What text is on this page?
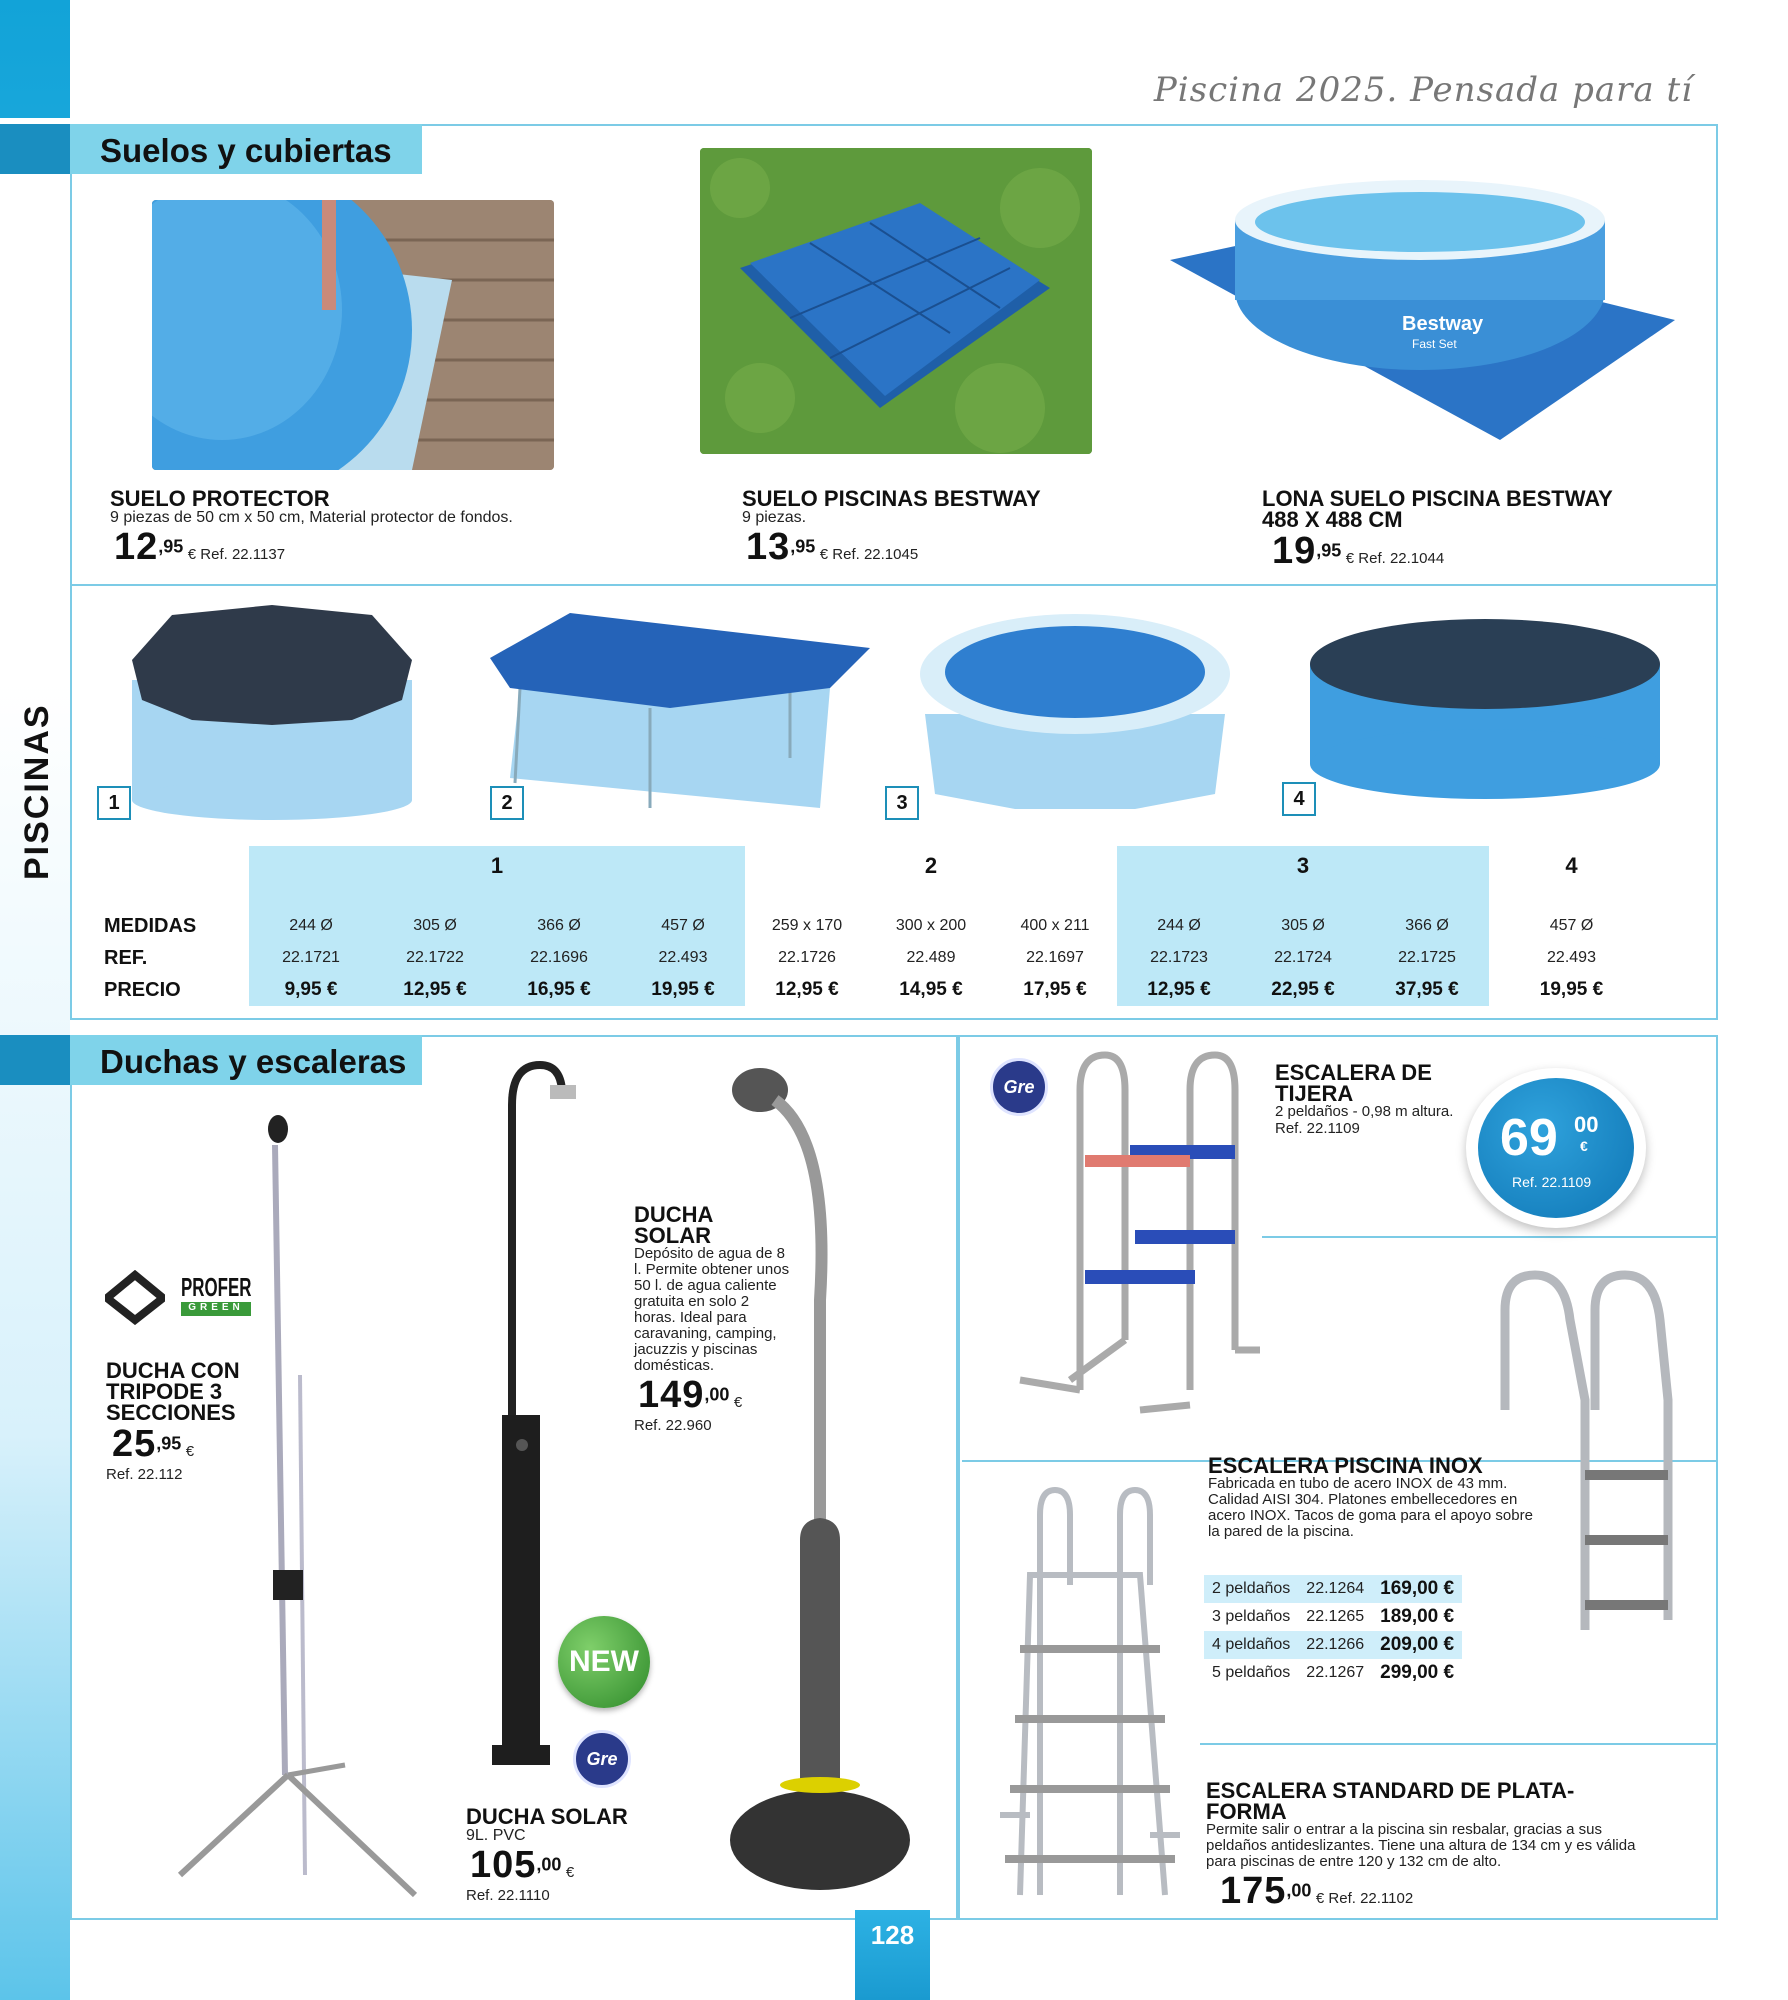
PISCINAS
Piscina 2025. Pensada para tí
Suelos y cubiertas
Bestway
Fast Set
SUELO PROTECTOR
9 piezas de 50 cm x 50 cm, Material protector de fondos.
12,95 € Ref. 22.1137
SUELO PISCINAS BESTWAY
9 piezas.
13,95 € Ref. 22.1045
LONA SUELO PISCINA BESTWAY 488 X 488 CM
19,95 € Ref. 22.1044
1	2	3	4
	1				2			3			4

MEDIDAS	244 Ø	305 Ø	366 Ø	457 Ø	259 x 170	300 x 200	400 x 211	244 Ø	305 Ø	366 Ø	457 Ø
REF.	22.1721	22.1722	22.1696	22.493	22.1726	22.489	22.1697	22.1723	22.1724	22.1725	22.493
PRECIO	9,95 €	12,95 €	16,95 €	19,95 €	12,95 €	14,95 €	17,95 €	12,95 €	22,95 €	37,95 €	19,95 €
Duchas y escaleras
PROFER
GREEN
DUCHA CON
TRIPODE 3
SECCIONES
25,95 €
Ref. 22.112
NEW
Gre
Gre
DUCHA
SOLAR
Depósito de agua de 8 l. Permite obtener unos 50 l. de agua caliente gratuita en solo 2 horas. Ideal para caravaning, camping, jacuzzis y piscinas domésticas.
149,00 €
Ref. 22.960
DUCHA SOLAR
9L. PVC
105,00 €
Ref. 22.1110
ESCALERA DE
TIJERA
2 peldaños - 0,98 m altura.
Ref. 22.1109	69 00
€
Ref. 22.1109
ESCALERA PISCINA INOX
Fabricada en tubo de acero INOX de 43 mm. Calidad AISI 304. Platones embellecedores en acero INOX. Tacos de goma para el apoyo sobre la pared de la piscina.
2 peldaños	22.1264	169,00 €
3 peldaños	22.1265	189,00 €
4 peldaños	22.1266	209,00 €
5 peldaños	22.1267	299,00 €
ESCALERA STANDARD DE PLATA-FORMA
Permite salir o entrar a la piscina sin resbalar, gracias a sus peldaños antideslizantes. Tiene una altura de 134 cm y es válida para piscinas de entre 120 y 132 cm de alto.
175,00 € Ref. 22.1102
128
